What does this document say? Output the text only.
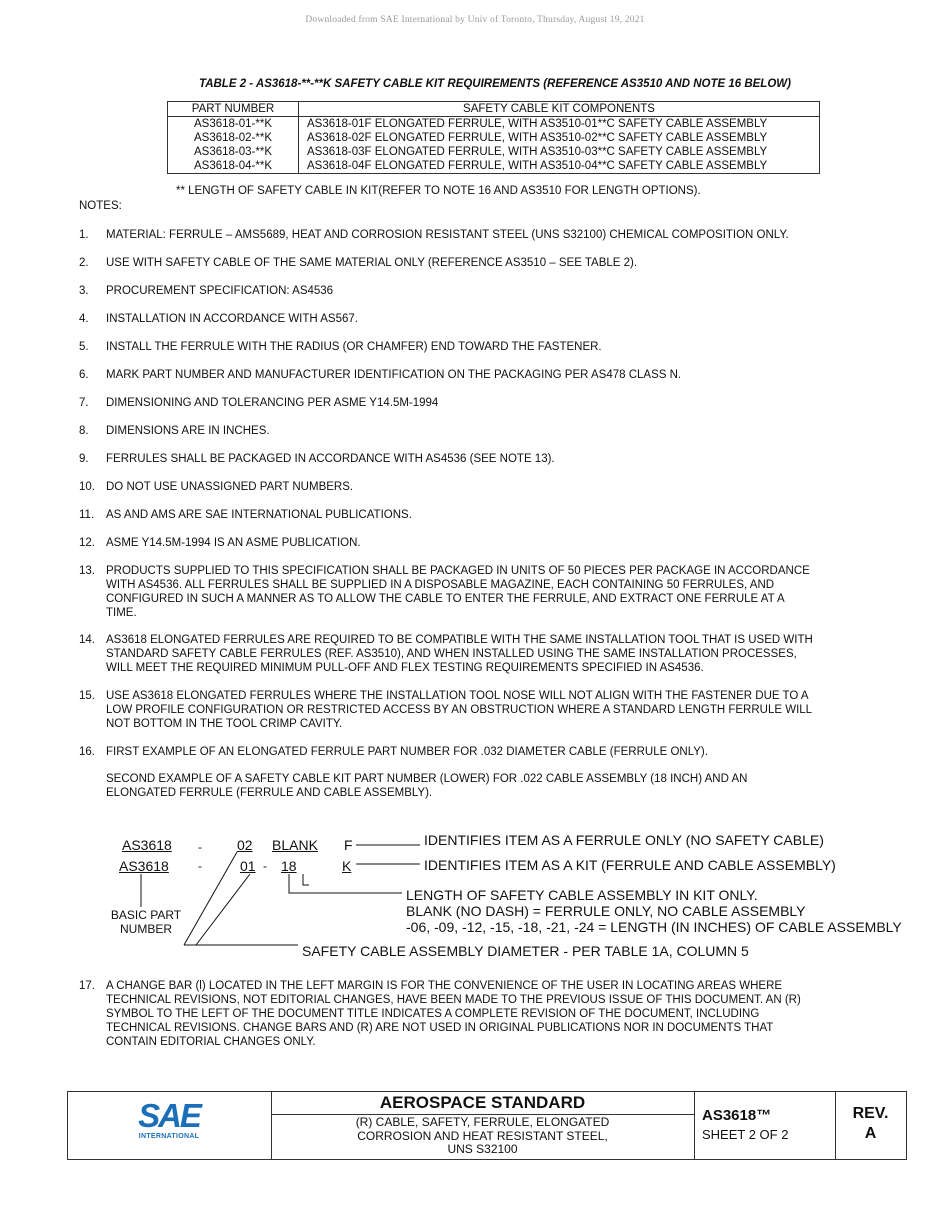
Downloaded from SAE International by Univ of Toronto, Thursday, August 19, 2021
TABLE 2 - AS3618-**-**K SAFETY CABLE KIT REQUIREMENTS (REFERENCE AS3510 AND NOTE 16 BELOW)
PART NUMBER	SAFETY CABLE KIT COMPONENTS
AS3618-01-**K	AS3618-01F ELONGATED FERRULE, WITH AS3510-01**C SAFETY CABLE ASSEMBLY
AS3618-02-**K	AS3618-02F ELONGATED FERRULE, WITH AS3510-02**C SAFETY CABLE ASSEMBLY
AS3618-03-**K	AS3618-03F ELONGATED FERRULE, WITH AS3510-03**C SAFETY CABLE ASSEMBLY
AS3618-04-**K	AS3618-04F ELONGATED FERRULE, WITH AS3510-04**C SAFETY CABLE ASSEMBLY
** LENGTH OF SAFETY CABLE IN KIT(REFER TO NOTE 16 AND AS3510 FOR LENGTH OPTIONS).
NOTES:
1.	MATERIAL: FERRULE – AMS5689, HEAT AND CORROSION RESISTANT STEEL (UNS S32100) CHEMICAL COMPOSITION ONLY.
2.	USE WITH SAFETY CABLE OF THE SAME MATERIAL ONLY (REFERENCE AS3510 – SEE TABLE 2).
3.	PROCUREMENT SPECIFICATION: AS4536
4.	INSTALLATION IN ACCORDANCE WITH AS567.
5.	INSTALL THE FERRULE WITH THE RADIUS (OR CHAMFER) END TOWARD THE FASTENER.
6.	MARK PART NUMBER AND MANUFACTURER IDENTIFICATION ON THE PACKAGING PER AS478 CLASS N.
7.	DIMENSIONING AND TOLERANCING PER ASME Y14.5M-1994
8.	DIMENSIONS ARE IN INCHES.
9.	FERRULES SHALL BE PACKAGED IN ACCORDANCE WITH AS4536 (SEE NOTE 13).
10. DO NOT USE UNASSIGNED PART NUMBERS.
11.	AS AND AMS ARE SAE INTERNATIONAL PUBLICATIONS.
12. ASME Y14.5M-1994 IS AN ASME PUBLICATION.
13. PRODUCTS SUPPLIED TO THIS SPECIFICATION SHALL BE PACKAGED IN UNITS OF 50 PIECES PER PACKAGE IN ACCORDANCE
WITH AS4536. ALL FERRULES SHALL BE SUPPLIED IN A DISPOSABLE MAGAZINE, EACH CONTAINING 50 FERRULES, AND
CONFIGURED IN SUCH A MANNER AS TO ALLOW THE CABLE TO ENTER THE FERRULE, AND EXTRACT ONE FERRULE AT A
TIME.
14. AS3618 ELONGATED FERRULES ARE REQUIRED TO BE COMPATIBLE WITH THE SAME INSTALLATION TOOL THAT IS USED WITH
STANDARD SAFETY CABLE FERRULES (REF. AS3510), AND WHEN INSTALLED USING THE SAME INSTALLATION PROCESSES,
WILL MEET THE REQUIRED MINIMUM PULL-OFF AND FLEX TESTING REQUIREMENTS SPECIFIED IN AS4536.
15. USE AS3618 ELONGATED FERRULES WHERE THE INSTALLATION TOOL NOSE WILL NOT ALIGN WITH THE FASTENER DUE TO A
LOW PROFILE CONFIGURATION OR RESTRICTED ACCESS BY AN OBSTRUCTION WHERE A STANDARD LENGTH FERRULE WILL
NOT BOTTOM IN THE TOOL CRIMP CAVITY.
16. FIRST EXAMPLE OF AN ELONGATED FERRULE PART NUMBER FOR .032 DIAMETER CABLE (FERRULE ONLY).
SECOND EXAMPLE OF A SAFETY CABLE KIT PART NUMBER (LOWER) FOR .022 CABLE ASSEMBLY (18 INCH) AND AN
ELONGATED FERRULE (FERRULE AND CABLE ASSEMBLY).
AS3618 -	02 BLANK F	IDENTIFIES ITEM AS A FERRULE ONLY (NO SAFETY CABLE)
AS3618 -	01 - 18	K	IDENTIFIES ITEM AS A KIT (FERRULE AND CABLE ASSEMBLY)
LENGTH OF SAFETY CABLE ASSEMBLY IN KIT ONLY.
BLANK (NO DASH) = FERRULE ONLY, NO CABLE ASSEMBLY
-06, -09, -12, -15, -18, -21, -24 = LENGTH (IN INCHES) OF CABLE ASSEMBLY
BASIC PART
NUMBER
SAFETY CABLE ASSEMBLY DIAMETER - PER TABLE 1A, COLUMN 5
17. A CHANGE BAR (l) LOCATED IN THE LEFT MARGIN IS FOR THE CONVENIENCE OF THE USER IN LOCATING AREAS WHERE
TECHNICAL REVISIONS, NOT EDITORIAL CHANGES, HAVE BEEN MADE TO THE PREVIOUS ISSUE OF THIS DOCUMENT. AN (R)
SYMBOL TO THE LEFT OF THE DOCUMENT TITLE INDICATES A COMPLETE REVISION OF THE DOCUMENT, INCLUDING
TECHNICAL REVISIONS. CHANGE BARS AND (R) ARE NOT USED IN ORIGINAL PUBLICATIONS NOR IN DOCUMENTS THAT
CONTAIN EDITORIAL CHANGES ONLY.
SAE
INTERNATIONAL
AEROSPACE STANDARD
(R) CABLE, SAFETY, FERRULE, ELONGATED
CORROSION AND HEAT RESISTANT STEEL,
UNS S32100
AS3618™
SHEET 2 OF 2
REV.
A
